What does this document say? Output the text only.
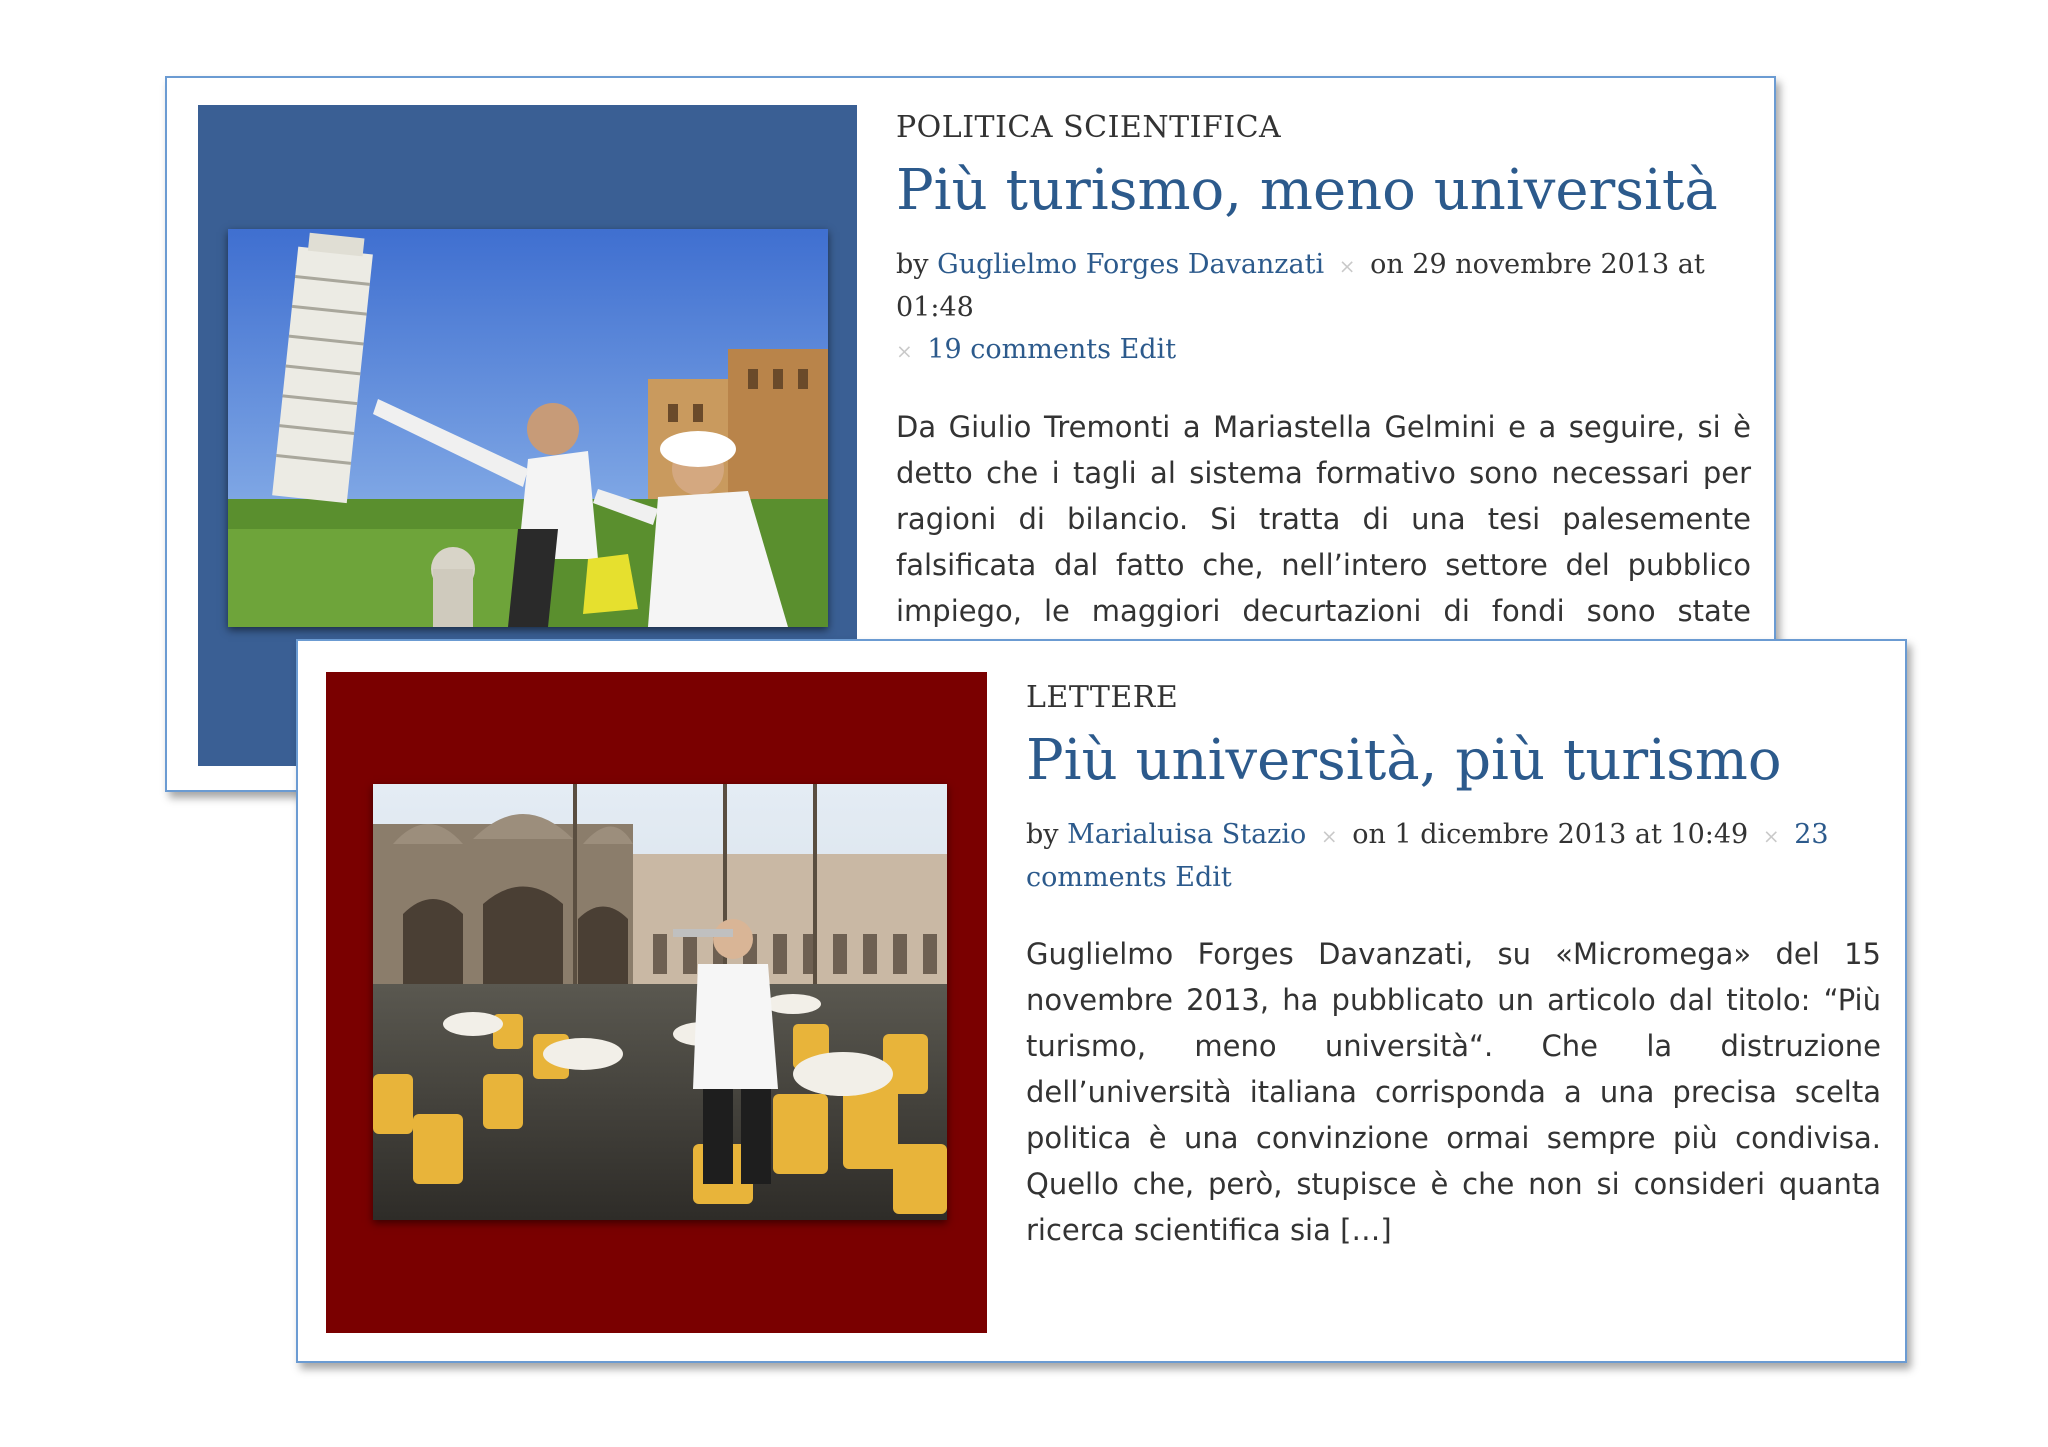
POLITICA SCIENTIFICA

Più turismo, meno università
by Guglielmo Forges Davanzati × on 29 novembre 2013 at 01:48
× 19 comments Edit
Da Giulio Tremonti a Mariastella Gelmini e a seguire, si è detto che i tagli al sistema formativo sono necessari per ragioni di bilancio. Si tratta di una tesi palesemente falsificata dal fatto che, nell’intero settore del pubblico impiego, le maggiori decurtazioni di fondi sono state

LETTERE

Più università, più turismo
by Marialuisa Stazio × on 1 dicembre 2013 at 10:49 × 23 comments Edit
Guglielmo Forges Davanzati, su «Micromega» del 15 novembre 2013, ha pubblicato un articolo dal titolo: “Più turismo, meno università“. Che la distruzione dell’università italiana corrisponda a una precisa scelta politica è una convinzione ormai sempre più condivisa. Quello che, però, stupisce è che non si consideri quanta ricerca scientifica sia […]
